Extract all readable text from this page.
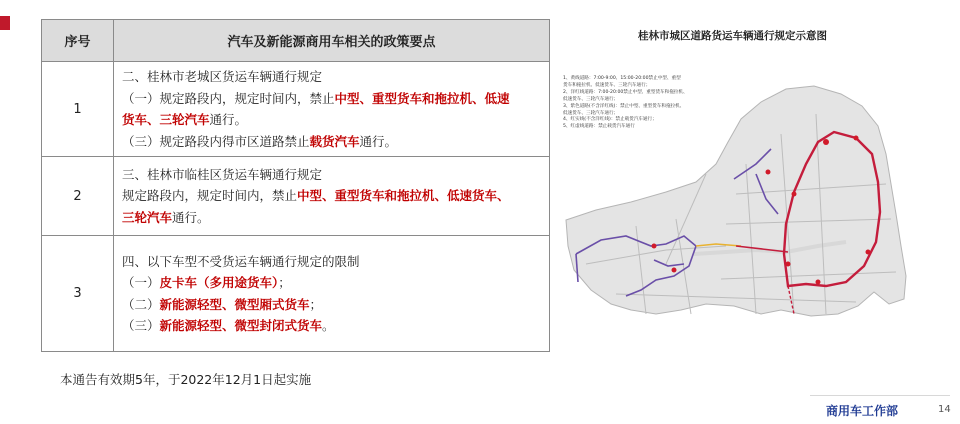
序号	汽车及新能源商用车相关的政策要点
1	二、桂林市老城区货运车辆通行规定
（一）规定路段内，规定时间内，禁止中型、重型货车和拖拉机、低速
货车、三轮汽车通行。
（三）规定路段内得市区道路禁止载货汽车通行。

2	三、桂林市临桂区货运车辆通行规定
规定路段内，规定时间内，禁止中型、重型货车和拖拉机、低速货车、
三轮汽车通行。

3	四、以下车型不受货运车辆通行规定的限制
（一）皮卡车（多用途货车）；
（二）新能源轻型、微型厢式货车；
（三）新能源轻型、微型封闭式货车。
本通告有效期5年，于2022年12月1日起实施
桂林市城区道路货运车辆通行规定示意图
1、黄线道路：7:00-9:00、15:00-20:00禁止中型、重型
货车和拖拉机、低速货车、三轮汽车通行；
2、洋红线道路：7:00-20:00禁止中型、重型货车和拖拉机、
低速货车、三轮汽车通行；
3、紫色道路(不含洋红线)：禁止中型、重型货车和拖拉机、
低速货车、三轮汽车通行；
4、红实线(不含洋红线)：禁止载货汽车通行；
5、红虚线道路：禁止载货汽车通行
商用车工作部	14
